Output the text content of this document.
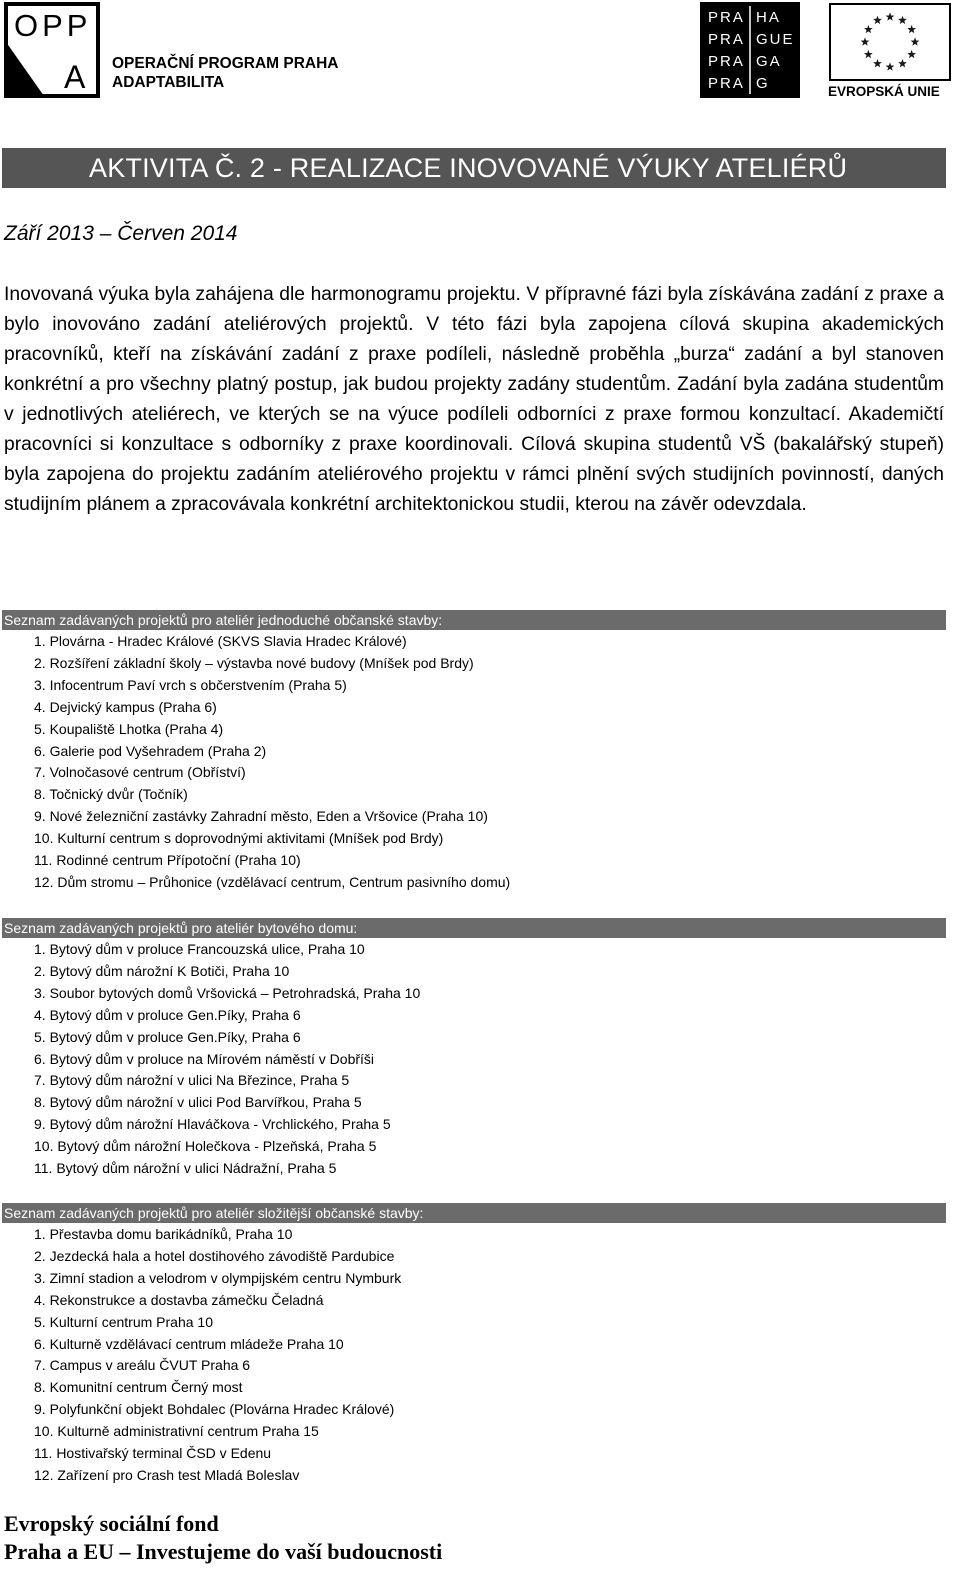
OPP
A OPERAČNÍ PROGRAM PRAHA
ADAPTABILITA
PRA HA
PRA GUE
PRA GA
PRA G	EVROPSKÁ UNIE
AKTIVITA Č. 2 - REALIZACE INOVOVANÉ VÝUKY ATELIÉRŮ
Září 2013 – Červen 2014

Inovovaná výuka byla zahájena dle harmonogramu projektu. V přípravné fázi byla získávána zadání z praxe a bylo inovováno zadání ateliérových projektů. V této fázi byla zapojena cílová skupina akademických pracovníků, kteří na získávání zadání z praxe podíleli, následně proběhla „burza“ zadání a byl stanoven konkrétní a pro všechny platný postup, jak budou projekty zadány studentům. Zadání byla zadána studentům v jednotlivých ateliérech, ve kterých se na výuce podíleli odborníci z praxe formou konzultací. Akademičtí pracovníci si konzultace s odborníky z praxe koordinovali. Cílová skupina studentů VŠ (bakalářský stupeň) byla zapojena do projektu zadáním ateliérového projektu v rámci plnění svých studijních povinností, daných studijním plánem a zpracovávala konkrétní architektonickou studii, kterou na závěr odevzdala.

Seznam zadávaných projektů pro ateliér jednoduché občanské stavby:
1. Plovárna - Hradec Králové (SKVS Slavia Hradec Králové)
2. Rozšíření základní školy – výstavba nové budovy (Mníšek pod Brdy)
3. Infocentrum Paví vrch s občerstvením (Praha 5)
4. Dejvický kampus (Praha 6)
5. Koupaliště Lhotka (Praha 4)
6. Galerie pod Vyšehradem (Praha 2)
7. Volnočasové centrum (Obříství)
8. Točnický dvůr (Točník)
9. Nové železniční zastávky Zahradní město, Eden a Vršovice (Praha 10)
10. Kulturní centrum s doprovodnými aktivitami (Mníšek pod Brdy)
11. Rodinné centrum Přípotoční (Praha 10)
12. Dům stromu – Průhonice (vzdělávací centrum, Centrum pasivního domu)
Seznam zadávaných projektů pro ateliér bytového domu:
1. Bytový dům v proluce Francouzská ulice, Praha 10
2. Bytový dům nárožní K Botiči, Praha 10
3. Soubor bytových domů Vršovická – Petrohradská, Praha 10
4. Bytový dům v proluce Gen.Píky, Praha 6
5. Bytový dům v proluce Gen.Píky, Praha 6
6. Bytový dům v proluce na Mírovém náměstí v Dobříši
7. Bytový dům nárožní v ulici Na Březince, Praha 5
8. Bytový dům nárožní v ulici Pod Barvířkou, Praha 5
9. Bytový dům nárožní Hlaváčkova - Vrchlického, Praha 5
10. Bytový dům nárožní Holečkova - Plzeňská, Praha 5
11. Bytový dům nárožní v ulici Nádražní, Praha 5
Seznam zadávaných projektů pro ateliér složitější občanské stavby:
1. Přestavba domu barikádníků, Praha 10
2. Jezdecká hala a hotel dostihového závodiště Pardubice
3. Zimní stadion a velodrom v olympijském centru Nymburk
4. Rekonstrukce a dostavba zámečku Čeladná
5. Kulturní centrum Praha 10
6. Kulturně vzdělávací centrum mládeže Praha 10
7. Campus v areálu ČVUT Praha 6
8. Komunitní centrum Černý most
9. Polyfunkční objekt Bohdalec (Plovárna Hradec Králové)
10. Kulturně administrativní centrum Praha 15
11. Hostivařský terminal ČSD v Edenu
12. Zařízení pro Crash test Mladá Boleslav
Evropský sociální fond
Praha a EU – Investujeme do vaší budoucnosti
